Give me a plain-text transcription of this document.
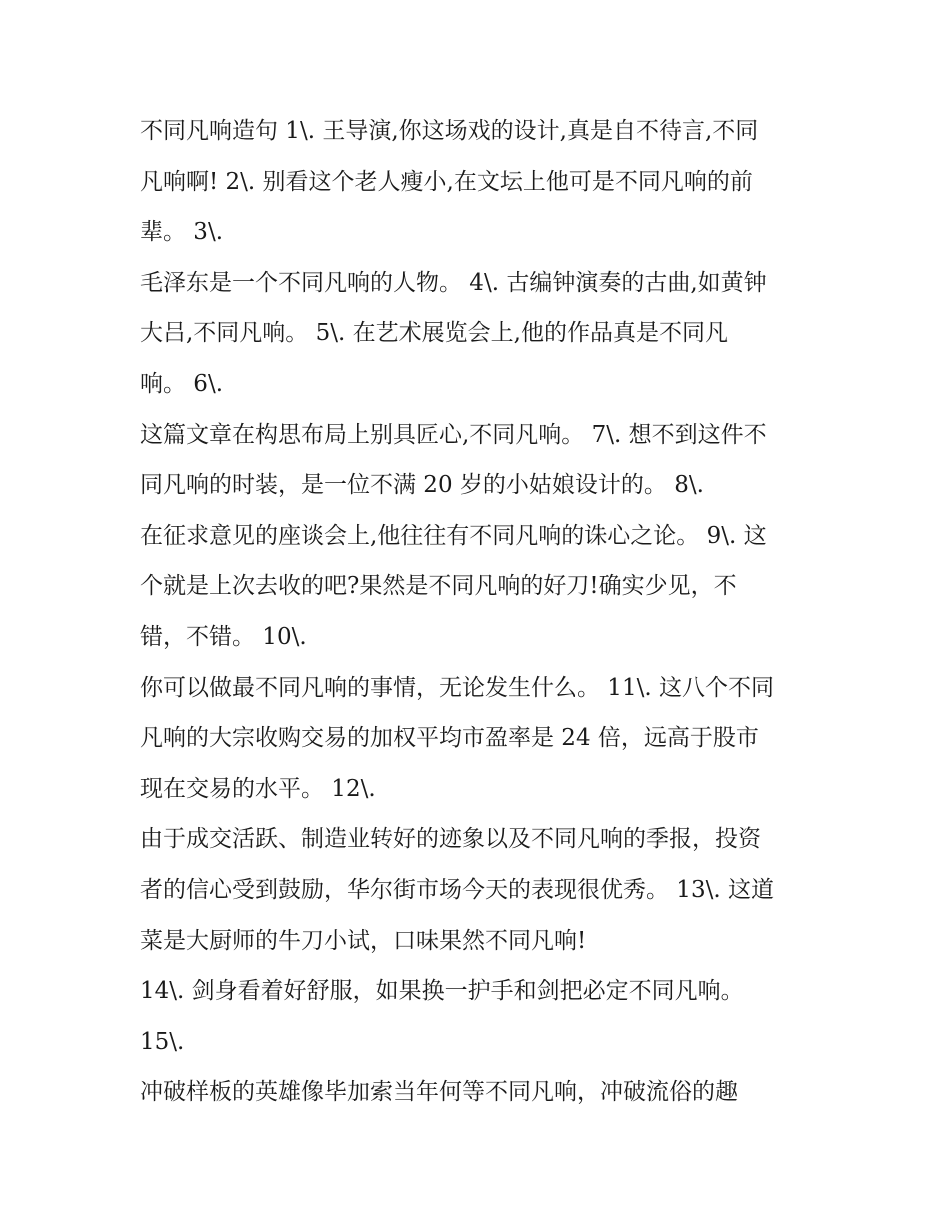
不同凡响造句 1\. 王导演,你这场戏的设计,真是自不待言,不同
凡响啊! 2\. 别看这个老人瘦小,在文坛上他可是不同凡响的前
辈。 3\.
毛泽东是一个不同凡响的人物。 4\. 古编钟演奏的古曲,如黄钟
大吕,不同凡响。 5\. 在艺术展览会上,他的作品真是不同凡
响。 6\.
这篇文章在构思布局上别具匠心,不同凡响。 7\. 想不到这件不
同凡响的时装，是一位不满 20 岁的小姑娘设计的。 8\.
在征求意见的座谈会上,他往往有不同凡响的诛心之论。 9\. 这
个就是上次去收的吧?果然是不同凡响的好刀!确实少见，不
错，不错。 10\.
你可以做最不同凡响的事情，无论发生什么。 11\. 这八个不同
凡响的大宗收购交易的加权平均市盈率是 24 倍，远高于股市
现在交易的水平。 12\.
由于成交活跃、制造业转好的迹象以及不同凡响的季报，投资
者的信心受到鼓励，华尔街市场今天的表现很优秀。 13\. 这道
菜是大厨师的牛刀小试，口味果然不同凡响!
14\. 剑身看着好舒服，如果换一护手和剑把必定不同凡响。
15\.
冲破样板的英雄像毕加索当年何等不同凡响，冲破流俗的趣
